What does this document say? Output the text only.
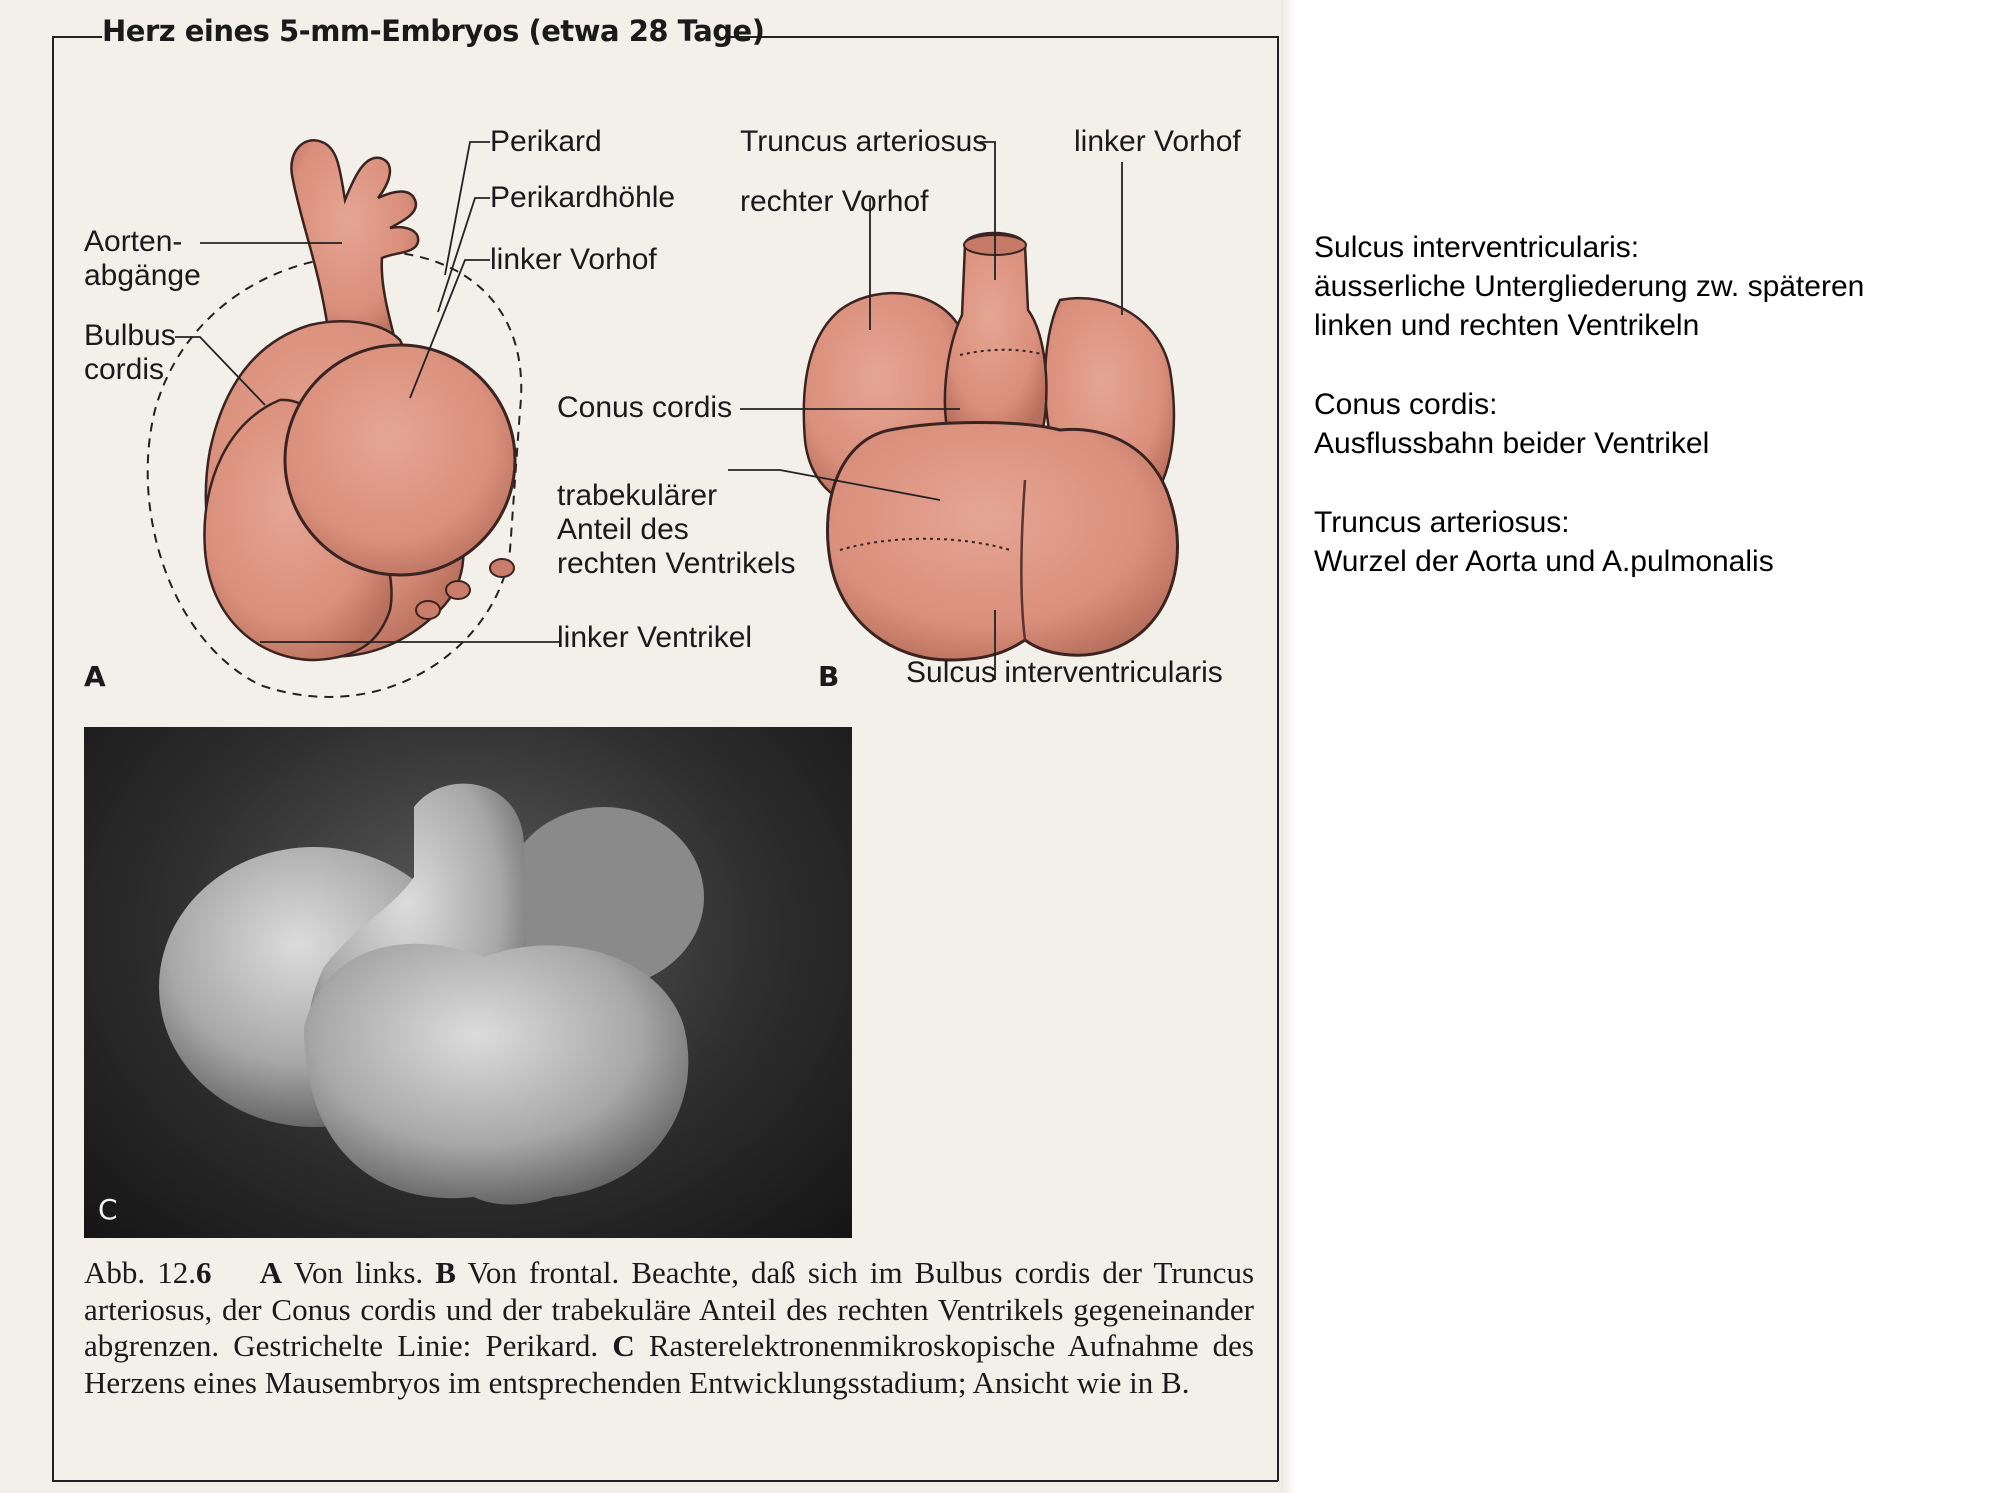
Herz eines 5-mm-Embryos (etwa 28 Tage)
Perikard
Perikardhöhle
linker Vorhof
Aorten-
abgänge
Bulbus
cordis
linker Ventrikel
A
Truncus arteriosus
rechter Vorhof
linker Vorhof
Conus cordis
trabekulärer
Anteil des
rechten Ventrikels
Sulcus interventricularis
B
C

Abb. 12.6 A Von links. B Von frontal. Beachte, daß sich im Bulbus cordis der Truncus arteriosus, der Conus cordis und der trabekuläre Anteil des rechten Ventrikels gegeneinander abgrenzen. Gestrichelte Linie: Perikard. C Rasterelektronenmikroskopische Aufnahme des Herzens eines Mausembryos im entsprechenden Entwicklungsstadium; Ansicht wie in B.

Sulcus interventricularis:

äusserliche Untergliederung zw. späteren

linken und rechten Ventrikeln

Conus cordis:

Ausflussbahn beider Ventrikel

Truncus arteriosus:

Wurzel der Aorta und A.pulmonalis
